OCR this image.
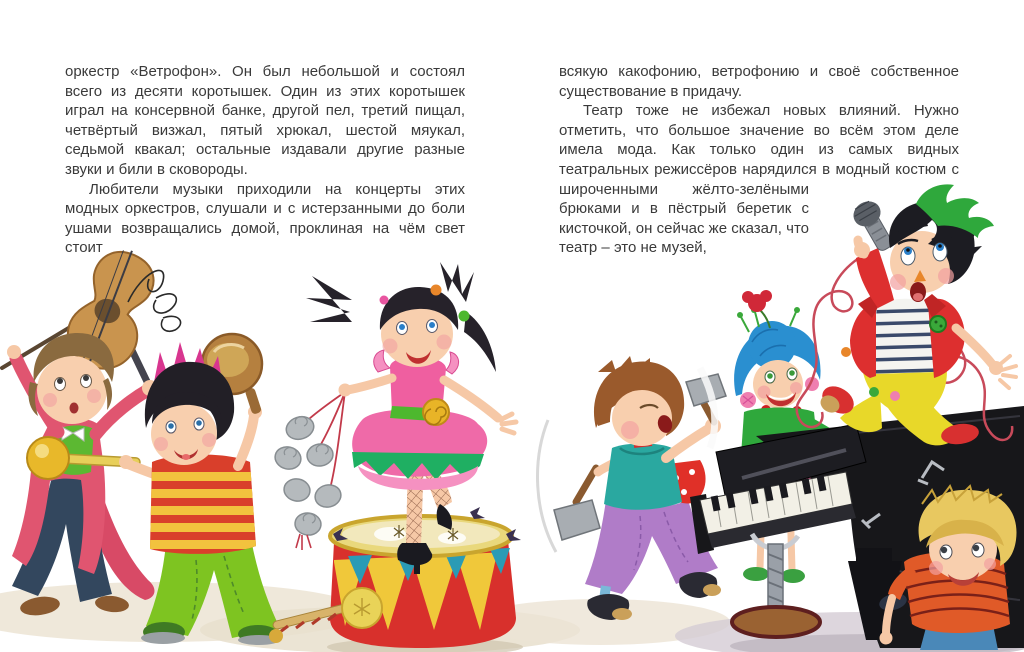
оркестр «Ветрофон». Он был небольшой и состоял всего из десяти коротышек. Один из этих коротышек играл на консервной банке, другой пел, третий пищал, четвёртый визжал, пятый хрюкал, шестой мяукал, седьмой квакал; остальные издавали другие разные звуки и били в сковороды.

Любители музыки приходили на концерты этих модных оркестров, слушали и с истерзанными до боли ушами возвращались домой, проклиная на чём свет стоит

всякую какофонию, ветрофонию и своё собственное существование в придачу.

Театр тоже не избежал новых влияний. Нужно отметить, что большое значение во всём этом деле имела мода. Как только один из самых видных театральных режиссёров нарядился в модный костюм с широченными жёлто-зелёными брюками и в пёстрый беретик с кисточкой, он сейчас же сказал, что театр – это не музей,
